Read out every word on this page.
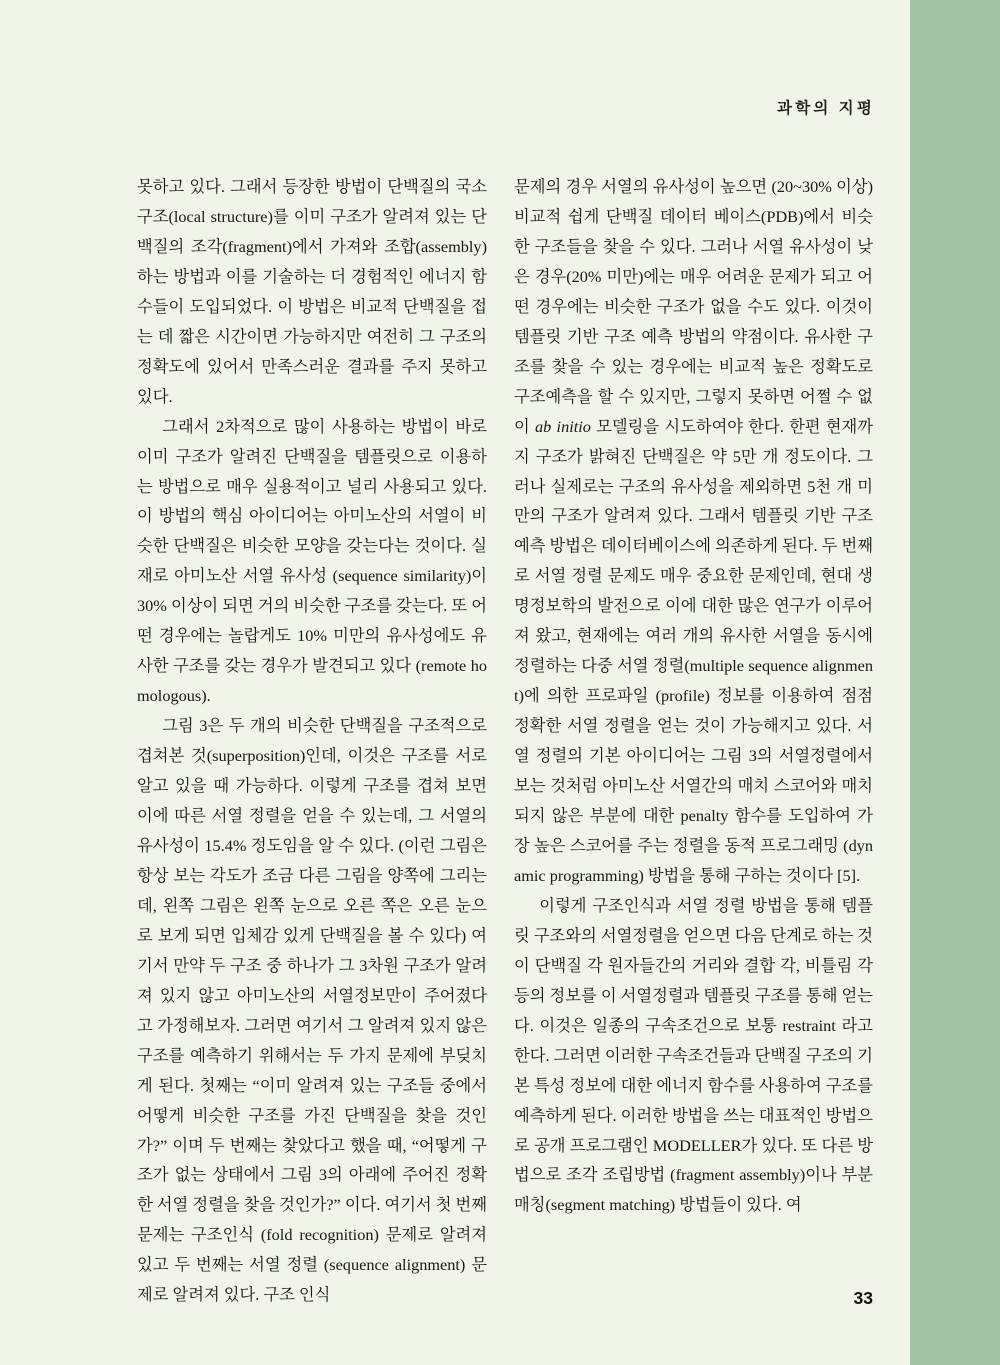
과학의 지평

못하고 있다. 그래서 등장한 방법이 단백질의 국소 구조(local structure)를 이미 구조가 알려져 있는 단백질의 조각(fragment)에서 가져와 조합(assembly)하는 방법과 이를 기술하는 더 경험적인 에너지 함수들이 도입되었다. 이 방법은 비교적 단백질을 접는 데 짧은 시간이면 가능하지만 여전히 그 구조의 정확도에 있어서 만족스러운 결과를 주지 못하고 있다.

그래서 2차적으로 많이 사용하는 방법이 바로 이미 구조가 알려진 단백질을 템플릿으로 이용하는 방법으로 매우 실용적이고 널리 사용되고 있다. 이 방법의 핵심 아이디어는 아미노산의 서열이 비슷한 단백질은 비슷한 모양을 갖는다는 것이다. 실재로 아미노산 서열 유사성 (sequence similarity)이 30% 이상이 되면 거의 비슷한 구조를 갖는다. 또 어떤 경우에는 놀랍게도 10% 미만의 유사성에도 유사한 구조를 갖는 경우가 발견되고 있다 (remote homologous).

그림 3은 두 개의 비슷한 단백질을 구조적으로 겹쳐본 것(superposition)인데, 이것은 구조를 서로 알고 있을 때 가능하다. 이렇게 구조를 겹쳐 보면 이에 따른 서열 정렬을 얻을 수 있는데, 그 서열의 유사성이 15.4% 정도임을 알 수 있다. (이런 그림은 항상 보는 각도가 조금 다른 그림을 양쪽에 그리는데, 왼쪽 그림은 왼쪽 눈으로 오른 쪽은 오른 눈으로 보게 되면 입체감 있게 단백질을 볼 수 있다) 여기서 만약 두 구조 중 하나가 그 3차원 구조가 알려져 있지 않고 아미노산의 서열정보만이 주어졌다고 가정해보자. 그러면 여기서 그 알려져 있지 않은 구조를 예측하기 위해서는 두 가지 문제에 부딪치게 된다. 첫째는 “이미 알려져 있는 구조들 중에서 어떻게 비슷한 구조를 가진 단백질을 찾을 것인가?” 이며 두 번째는 찾았다고 했을 때, “어떻게 구조가 없는 상태에서 그림 3의 아래에 주어진 정확한 서열 정렬을 찾을 것인가?” 이다. 여기서 첫 번째 문제는 구조인식 (fold recognition) 문제로 알려져 있고 두 번째는 서열 정렬 (sequence alignment) 문제로 알려져 있다. 구조 인식

문제의 경우 서열의 유사성이 높으면 (20~30% 이상) 비교적 쉽게 단백질 데이터 베이스(PDB)에서 비슷한 구조들을 찾을 수 있다. 그러나 서열 유사성이 낮은 경우(20% 미만)에는 매우 어려운 문제가 되고 어떤 경우에는 비슷한 구조가 없을 수도 있다. 이것이 템플릿 기반 구조 예측 방법의 약점이다. 유사한 구조를 찾을 수 있는 경우에는 비교적 높은 정확도로 구조예측을 할 수 있지만, 그렇지 못하면 어쩔 수 없이 ab initio 모델링을 시도하여야 한다. 한편 현재까지 구조가 밝혀진 단백질은 약 5만 개 정도이다. 그러나 실제로는 구조의 유사성을 제외하면 5천 개 미만의 구조가 알려져 있다. 그래서 템플릿 기반 구조 예측 방법은 데이터베이스에 의존하게 된다. 두 번째로 서열 정렬 문제도 매우 중요한 문제인데, 현대 생명정보학의 발전으로 이에 대한 많은 연구가 이루어져 왔고, 현재에는 여러 개의 유사한 서열을 동시에 정렬하는 다중 서열 정렬(multiple sequence alignment)에 의한 프로파일 (profile) 정보를 이용하여 점점 정확한 서열 정렬을 얻는 것이 가능해지고 있다. 서열 정렬의 기본 아이디어는 그림 3의 서열정렬에서 보는 것처럼 아미노산 서열간의 매치 스코어와 매치 되지 않은 부분에 대한 penalty 함수를 도입하여 가장 높은 스코어를 주는 정렬을 동적 프로그래밍 (dynamic programming) 방법을 통해 구하는 것이다 [5].

이렇게 구조인식과 서열 정렬 방법을 통해 템플릿 구조와의 서열정렬을 얻으면 다음 단계로 하는 것이 단백질 각 원자들간의 거리와 결합 각, 비틀림 각 등의 정보를 이 서열정렬과 템플릿 구조를 통해 얻는다. 이것은 일종의 구속조건으로 보통 restraint 라고 한다. 그러면 이러한 구속조건들과 단백질 구조의 기본 특성 정보에 대한 에너지 함수를 사용하여 구조를 예측하게 된다. 이러한 방법을 쓰는 대표적인 방법으로 공개 프로그램인 MODELLER가 있다. 또 다른 방법으로 조각 조립방법 (fragment assembly)이나 부분 매칭(segment matching) 방법들이 있다. 여

33
